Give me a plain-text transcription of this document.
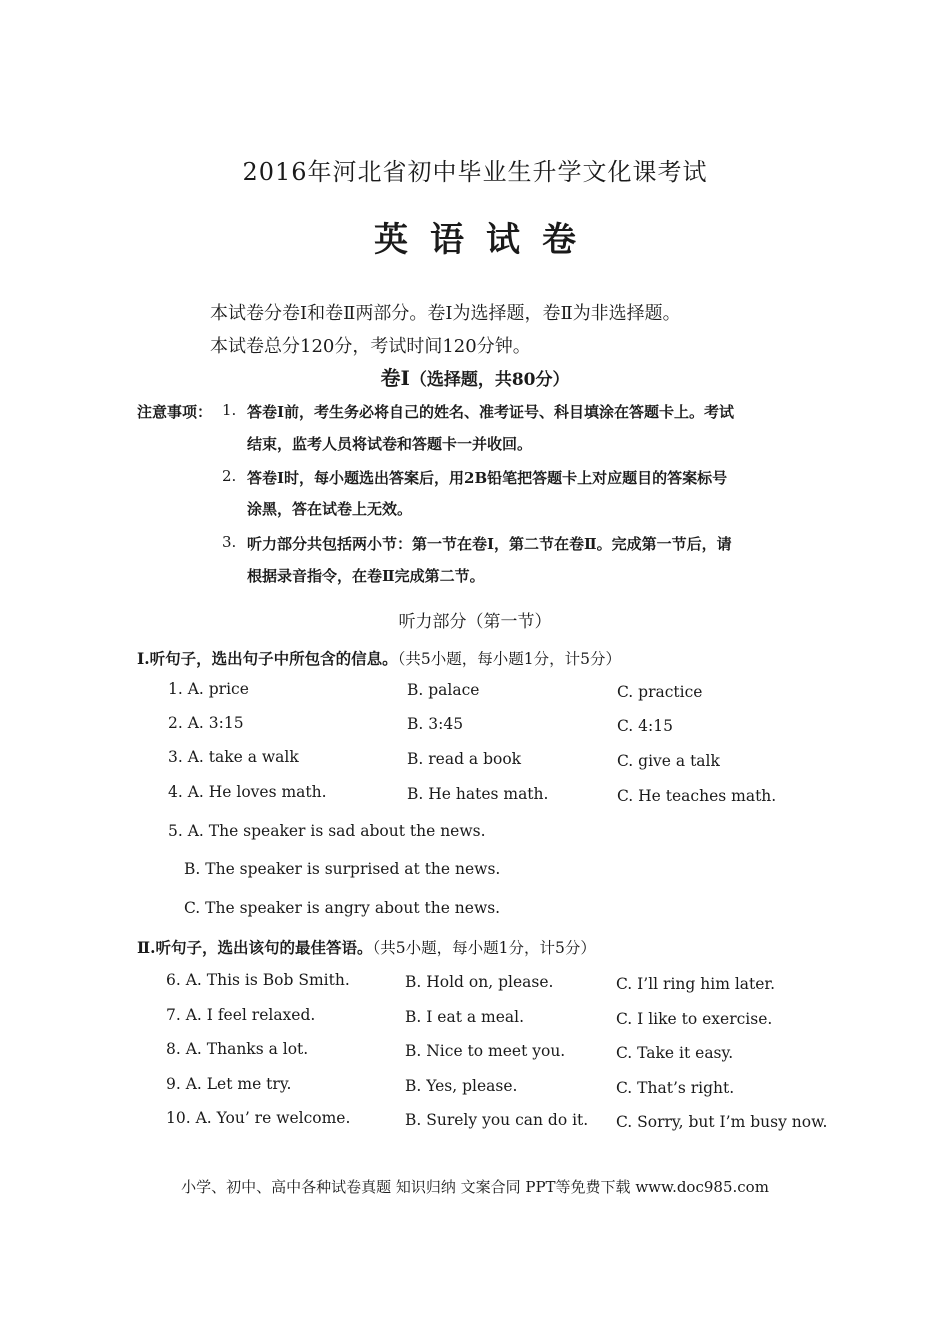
2016年河北省初中毕业生升学文化课考试
英语试卷
本试卷分卷Ⅰ和卷Ⅱ两部分。卷Ⅰ为选择题，卷Ⅱ为非选择题。
本试卷总分120分，考试时间120分钟。
卷Ⅰ（选择题，共80分）
注意事项： 1. 答卷Ⅰ前，考生务必将自己的姓名、准考证号、科目填涂在答题卡上。考试
结束，监考人员将试卷和答题卡一并收回。
2. 答卷Ⅰ时，每小题选出答案后，用2B铅笔把答题卡上对应题目的答案标号
涂黑，答在试卷上无效。
3. 听力部分共包括两小节：第一节在卷Ⅰ，第二节在卷Ⅱ。完成第一节后，请
根据录音指令，在卷Ⅱ完成第二节。
听力部分（第一节）
Ⅰ.听句子，选出句子中所包含的信息。（共5小题，每小题1分，计5分）
1. A. price	B. palace	C. practice
2. A. 3:15	B. 3:45	C. 4:15
3. A. take a walk	B. read a book	C. give a talk
4. A. He loves math.	B. He hates math.	C. He teaches math.
5. A. The speaker is sad about the news.
B. The speaker is surprised at the news.
C. The speaker is angry about the news.
Ⅱ.听句子，选出该句的最佳答语。（共5小题，每小题1分，计5分）
6. A. This is Bob Smith.	B. Hold on, please.	C. I’ll ring him later.
7. A. I feel relaxed.	B. I eat a meal.	C. I like to exercise.
8. A. Thanks a lot.	B. Nice to meet you.	C. Take it easy.
9. A. Let me try.	B. Yes, please.	C. That’s right.
10. A. You’ re welcome.	B. Surely you can do it. C. Sorry, but I’m busy now.
小学、初中、高中各种试卷真题 知识归纳 文案合同 PPT等免费下载 www.doc985.com
